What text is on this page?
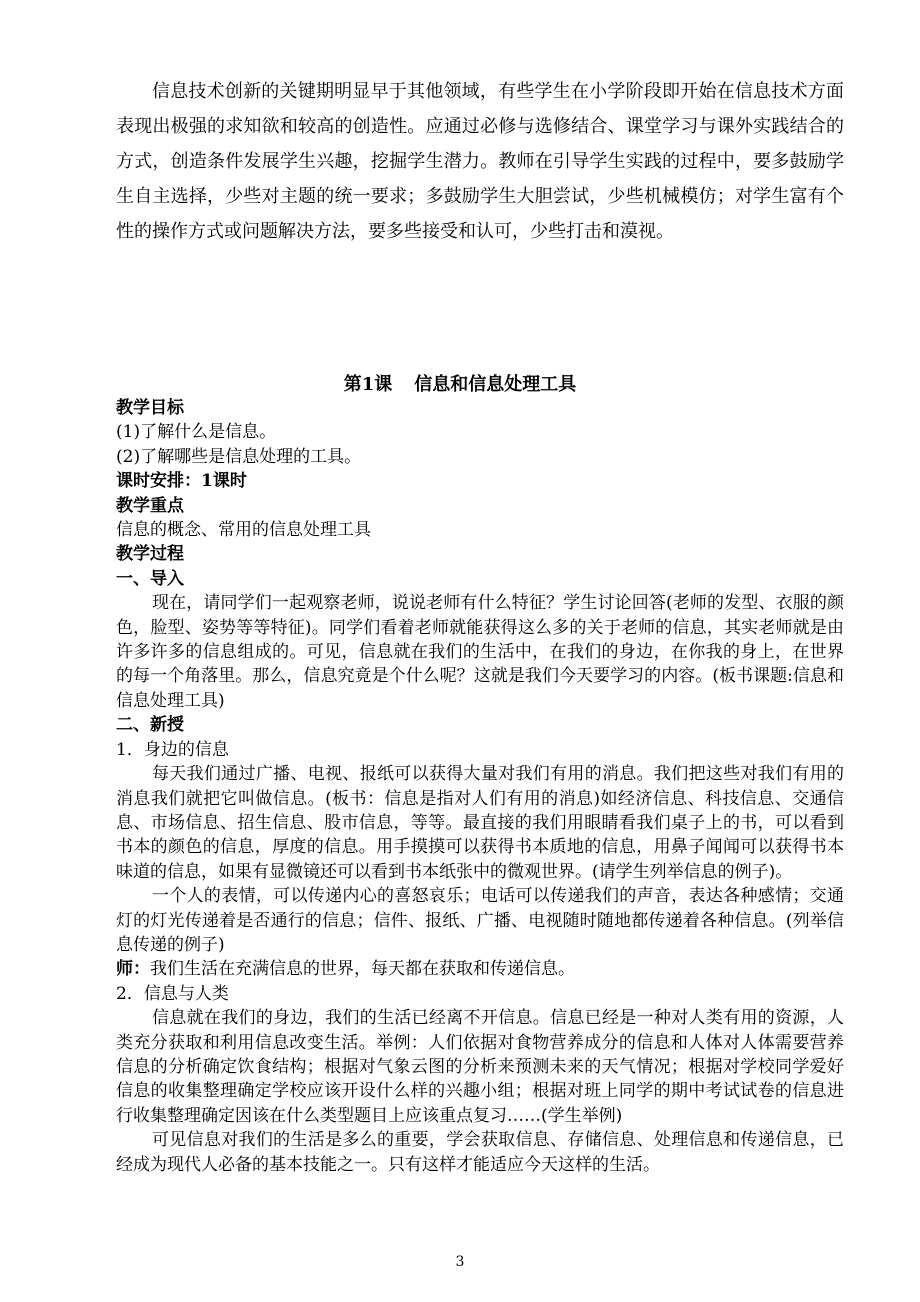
信息技术创新的关键期明显早于其他领域，有些学生在小学阶段即开始在信息技术方面表现出极强的求知欲和较高的创造性。应通过必修与选修结合、课堂学习与课外实践结合的方式，创造条件发展学生兴趣，挖掘学生潜力。教师在引导学生实践的过程中，要多鼓励学生自主选择，少些对主题的统一要求；多鼓励学生大胆尝试，少些机械模仿；对学生富有个性的操作方式或问题解决方法，要多些接受和认可，少些打击和漠视。

第1课 信息和信息处理工具

教学目标

(1)了解什么是信息。

(2)了解哪些是信息处理的工具。

课时安排：1课时

教学重点

信息的概念、常用的信息处理工具

教学过程

一、导入

现在，请同学们一起观察老师，说说老师有什么特征？学生讨论回答(老师的发型、衣服的颜色，脸型、姿势等等特征)。同学们看着老师就能获得这么多的关于老师的信息，其实老师就是由许多许多的信息组成的。可见，信息就在我们的生活中，在我们的身边，在你我的身上，在世界的每一个角落里。那么，信息究竟是个什么呢？这就是我们今天要学习的内容。(板书课题:信息和信息处理工具)

二、新授

1．身边的信息

每天我们通过广播、电视、报纸可以获得大量对我们有用的消息。我们把这些对我们有用的消息我们就把它叫做信息。(板书：信息是指对人们有用的消息)如经济信息、科技信息、交通信息、市场信息、招生信息、股市信息，等等。最直接的我们用眼睛看我们桌子上的书，可以看到书本的颜色的信息，厚度的信息。用手摸摸可以获得书本质地的信息，用鼻子闻闻可以获得书本味道的信息，如果有显微镜还可以看到书本纸张中的微观世界。(请学生列举信息的例子)。

一个人的表情，可以传递内心的喜怒哀乐；电话可以传递我们的声音，表达各种感情；交通灯的灯光传递着是否通行的信息；信件、报纸、广播、电视随时随地都传递着各种信息。(列举信息传递的例子)

师：我们生活在充满信息的世界，每天都在获取和传递信息。

2．信息与人类

信息就在我们的身边，我们的生活已经离不开信息。信息已经是一种对人类有用的资源，人类充分获取和利用信息改变生活。举例：人们依据对食物营养成分的信息和人体对人体需要营养信息的分析确定饮食结构；根据对气象云图的分析来预测未来的天气情况；根据对学校同学爱好信息的收集整理确定学校应该开设什么样的兴趣小组；根据对班上同学的期中考试试卷的信息进行收集整理确定因该在什么类型题目上应该重点复习……(学生举例)

可见信息对我们的生活是多么的重要，学会获取信息、存储信息、处理信息和传递信息，已经成为现代人必备的基本技能之一。只有这样才能适应今天这样的生活。

3
